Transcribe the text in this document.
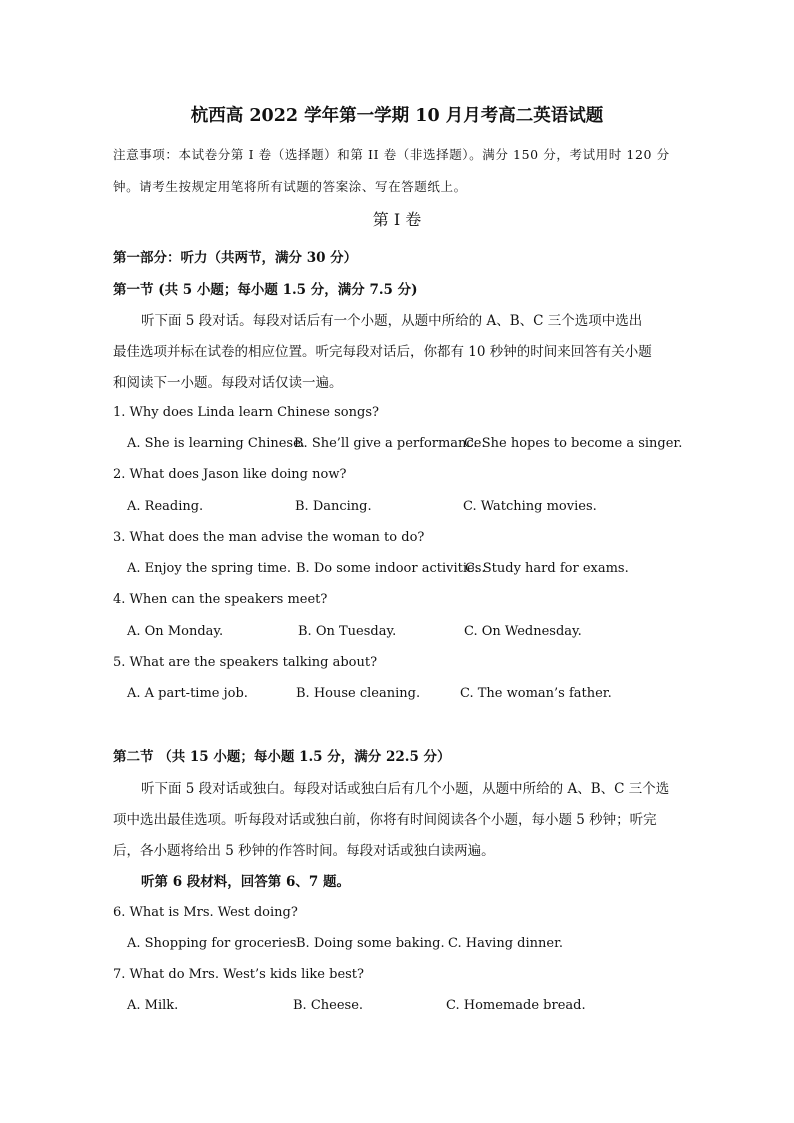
杭西高 2022 学年第一学期 10 月月考高二英语试题
注意事项：本试卷分第 I 卷（选择题）和第 II 卷（非选择题）。满分 150 分，考试用时 120 分
钟。请考生按规定用笔将所有试题的答案涂、写在答题纸上。
第 I 卷
第一部分：听力（共两节，满分 30 分）
第一节 (共 5 小题；每小题 1.5 分，满分 7.5 分)
听下面 5 段对话。每段对话后有一个小题，从题中所给的 A、B、C 三个选项中选出
最佳选项并标在试卷的相应位置。听完每段对话后，你都有 10 秒钟的时间来回答有关小题
和阅读下一小题。每段对话仅读一遍。
1. Why does Linda learn Chinese songs?
A. She is learning Chinese.
B. She’ll give a performance.
C. She hopes to become a singer.
2. What does Jason like doing now?
A. Reading.	B. Dancing.	C. Watching movies.
3. What does the man advise the woman to do?
A. Enjoy the spring time. B. Do some indoor activities.
C. Study hard for exams.
4. When can the speakers meet?
A. On Monday.	B. On Tuesday.	C. On Wednesday.
5. What are the speakers talking about?
A. A part-time job.	B. House cleaning.	C. The woman’s father.
第二节 （共 15 小题；每小题 1.5 分，满分 22.5 分）
听下面 5 段对话或独白。每段对话或独白后有几个小题，从题中所给的 A、B、C 三个选
项中选出最佳选项。听每段对话或独白前，你将有时间阅读各个小题，每小题 5 秒钟；听完
后，各小题将给出 5 秒钟的作答时间。每段对话或独白读两遍。
听第 6 段材料，回答第 6、7 题。
6. What is Mrs. West doing?
A. Shopping for groceries.
B. Doing some baking. C. Having dinner.
7. What do Mrs. West’s kids like best?
A. Milk.	B. Cheese.	C. Homemade bread.
